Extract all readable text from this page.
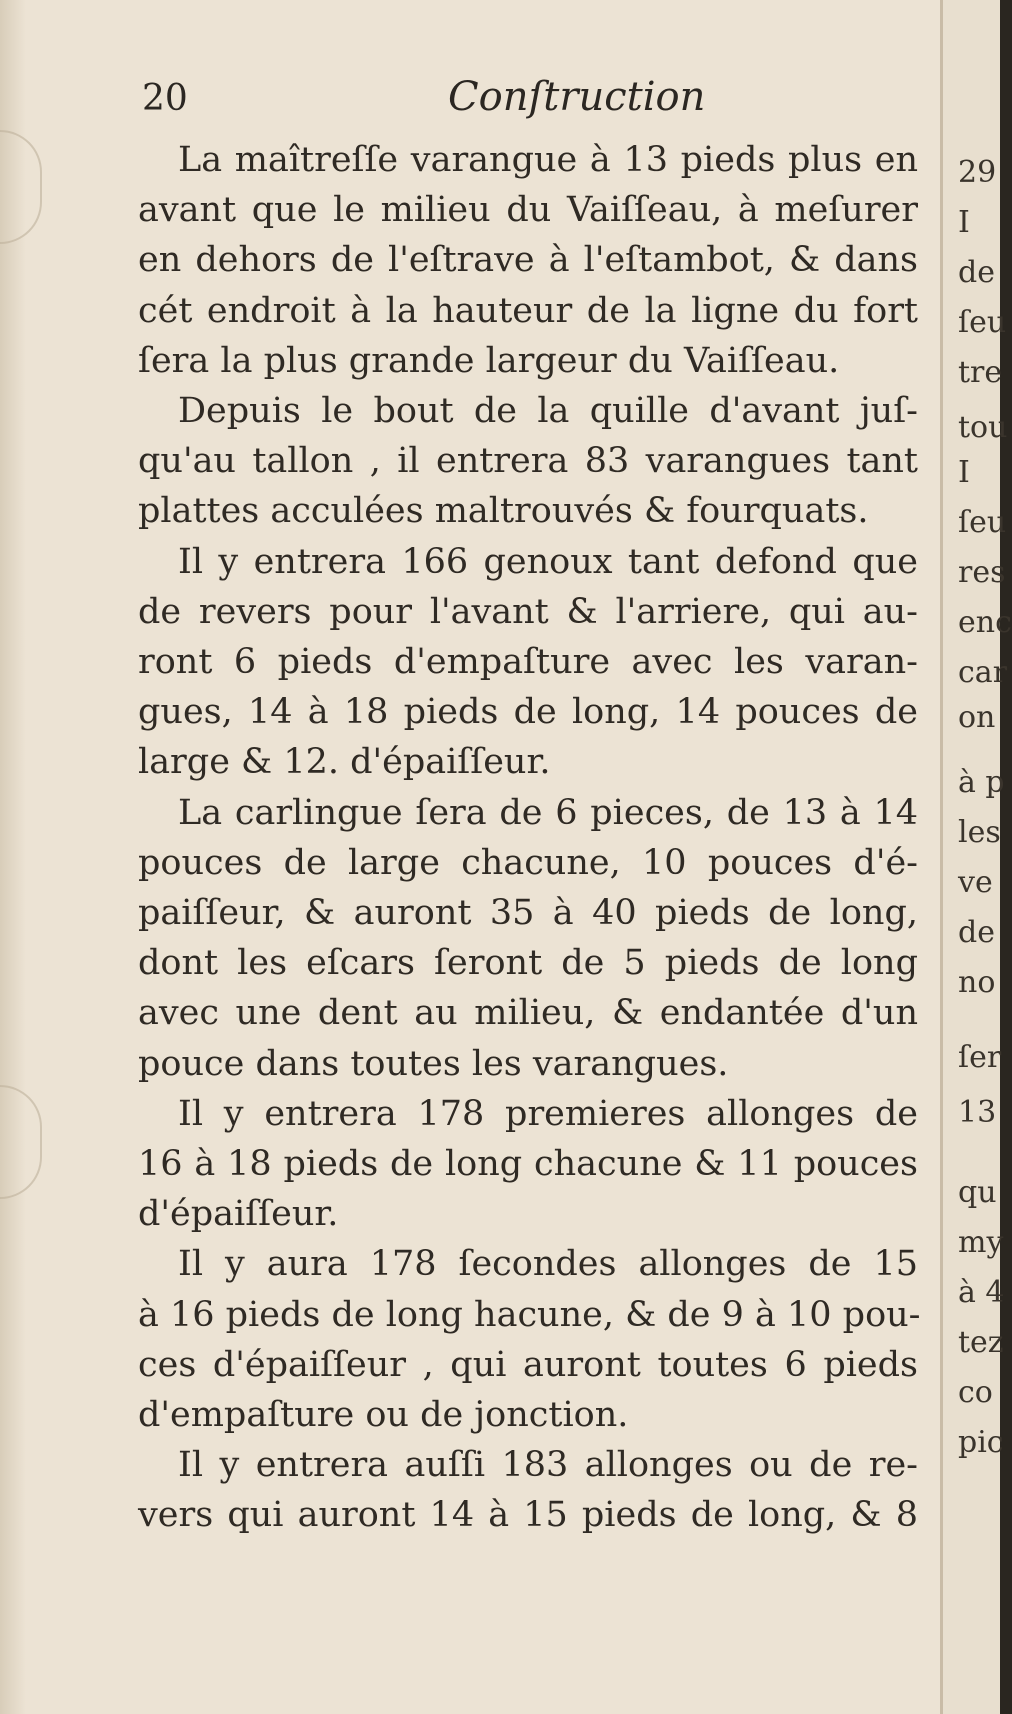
20	Conſtruction
La maîtreſſe varangue à 13 pieds plus en
avant que le milieu du Vaiſſeau, à meſurer
en dehors de l'eſtrave à l'eſtambot, & dans
cét endroit à la hauteur de la ligne du fort
ſera la plus grande largeur du Vaiſſeau.
Depuis le bout de la quille d'avant juſ-
qu'au tallon , il entrera 83 varangues tant
plattes acculées maltrouvés & fourquats.
Il y entrera 166 genoux tant defond que
de revers pour l'avant & l'arriere, qui au-
ront 6 pieds d'empaſture avec les varan-
gues, 14 à 18 pieds de long, 14 pouces de
large & 12. d'épaiſſeur.
La carlingue ſera de 6 pieces, de 13 à 14
pouces de large chacune, 10 pouces d'é-
paiſſeur, & auront 35 à 40 pieds de long,
dont les eſcars ſeront de 5 pieds de long
avec une dent au milieu, & endantée d'un
pouce dans toutes les varangues.
Il y entrera 178 premieres allonges de
16 à 18 pieds de long chacune & 11 pouces
d'épaiſſeur.
Il y aura 178 ſecondes allonges de 15
à 16 pieds de long hacune, & de 9 à 10 pou-
ces d'épaiſſeur , qui auront toutes 6 pieds
d'empaſture ou de jonction.
Il y entrera auſſi 183 allonges ou de re-
vers qui auront 14 à 15 pieds de long, & 8
29
I
de
ſeu
tre
tou
I
ſeu
res
enc
car
on
à p
les
ve
de
no
ſer
13
qu
my
à 4
tez
co
pic
